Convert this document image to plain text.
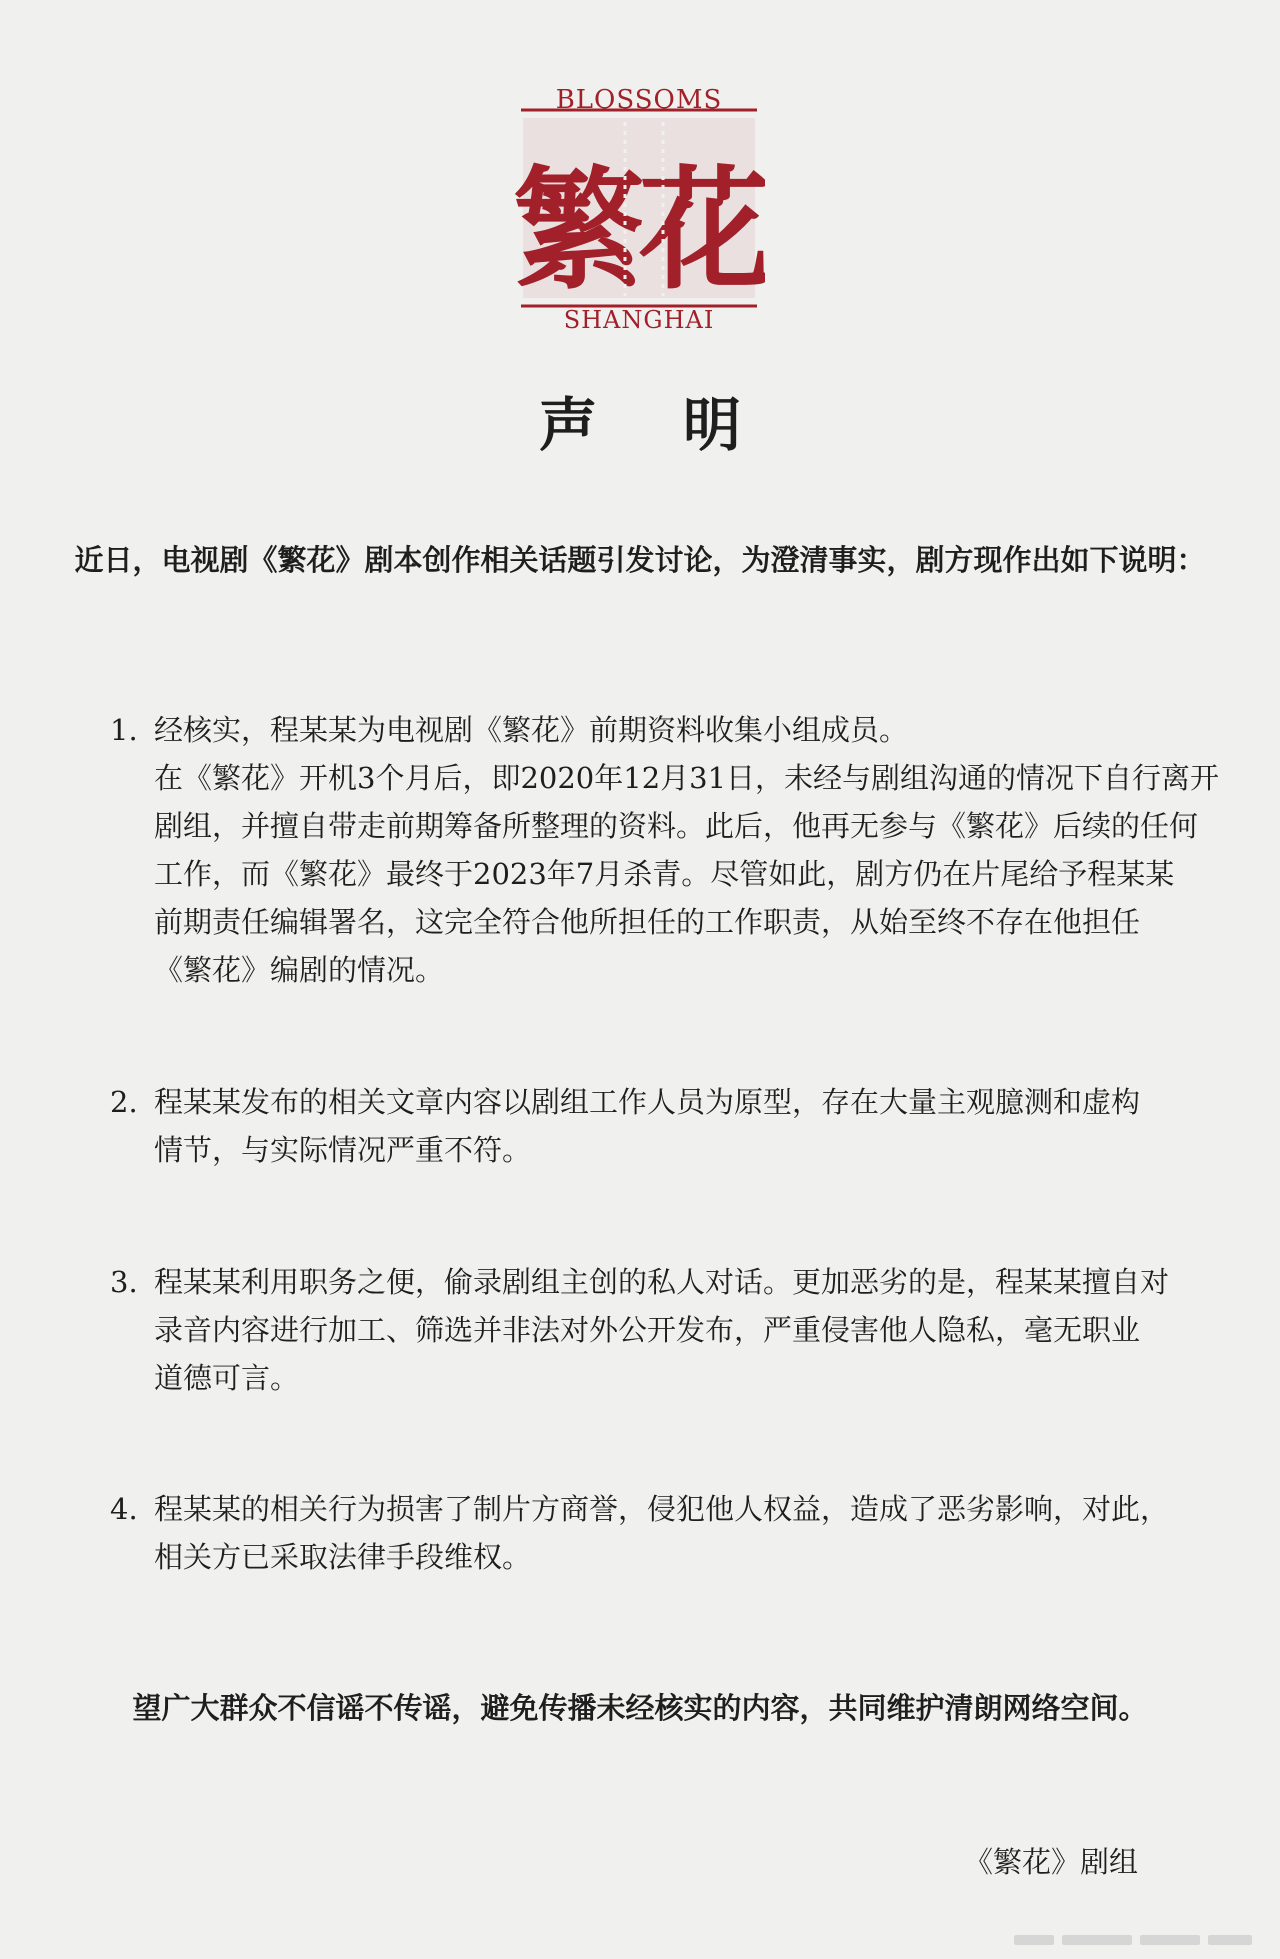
BLOSSOMS
繁花
SHANGHAI
声明
近日，电视剧《繁花》剧本创作相关话题引发讨论，为澄清事实，剧方现作出如下说明：
1. 经核实，程某某为电视剧《繁花》前期资料收集小组成员。
在《繁花》开机3个月后，即2020年12月31日，未经与剧组沟通的情况下自行离开
剧组，并擅自带走前期筹备所整理的资料。此后，他再无参与《繁花》后续的任何
工作，而《繁花》最终于2023年7月杀青。尽管如此，剧方仍在片尾给予程某某
前期责任编辑署名，这完全符合他所担任的工作职责，从始至终不存在他担任
《繁花》编剧的情况。
2. 程某某发布的相关文章内容以剧组工作人员为原型，存在大量主观臆测和虚构
情节，与实际情况严重不符。
3. 程某某利用职务之便，偷录剧组主创的私人对话。更加恶劣的是，程某某擅自对
录音内容进行加工、筛选并非法对外公开发布，严重侵害他人隐私，毫无职业
道德可言。
4. 程某某的相关行为损害了制片方商誉，侵犯他人权益，造成了恶劣影响，对此，
相关方已采取法律手段维权。
望广大群众不信谣不传谣，避免传播未经核实的内容，共同维护清朗网络空间。
《繁花》剧组
